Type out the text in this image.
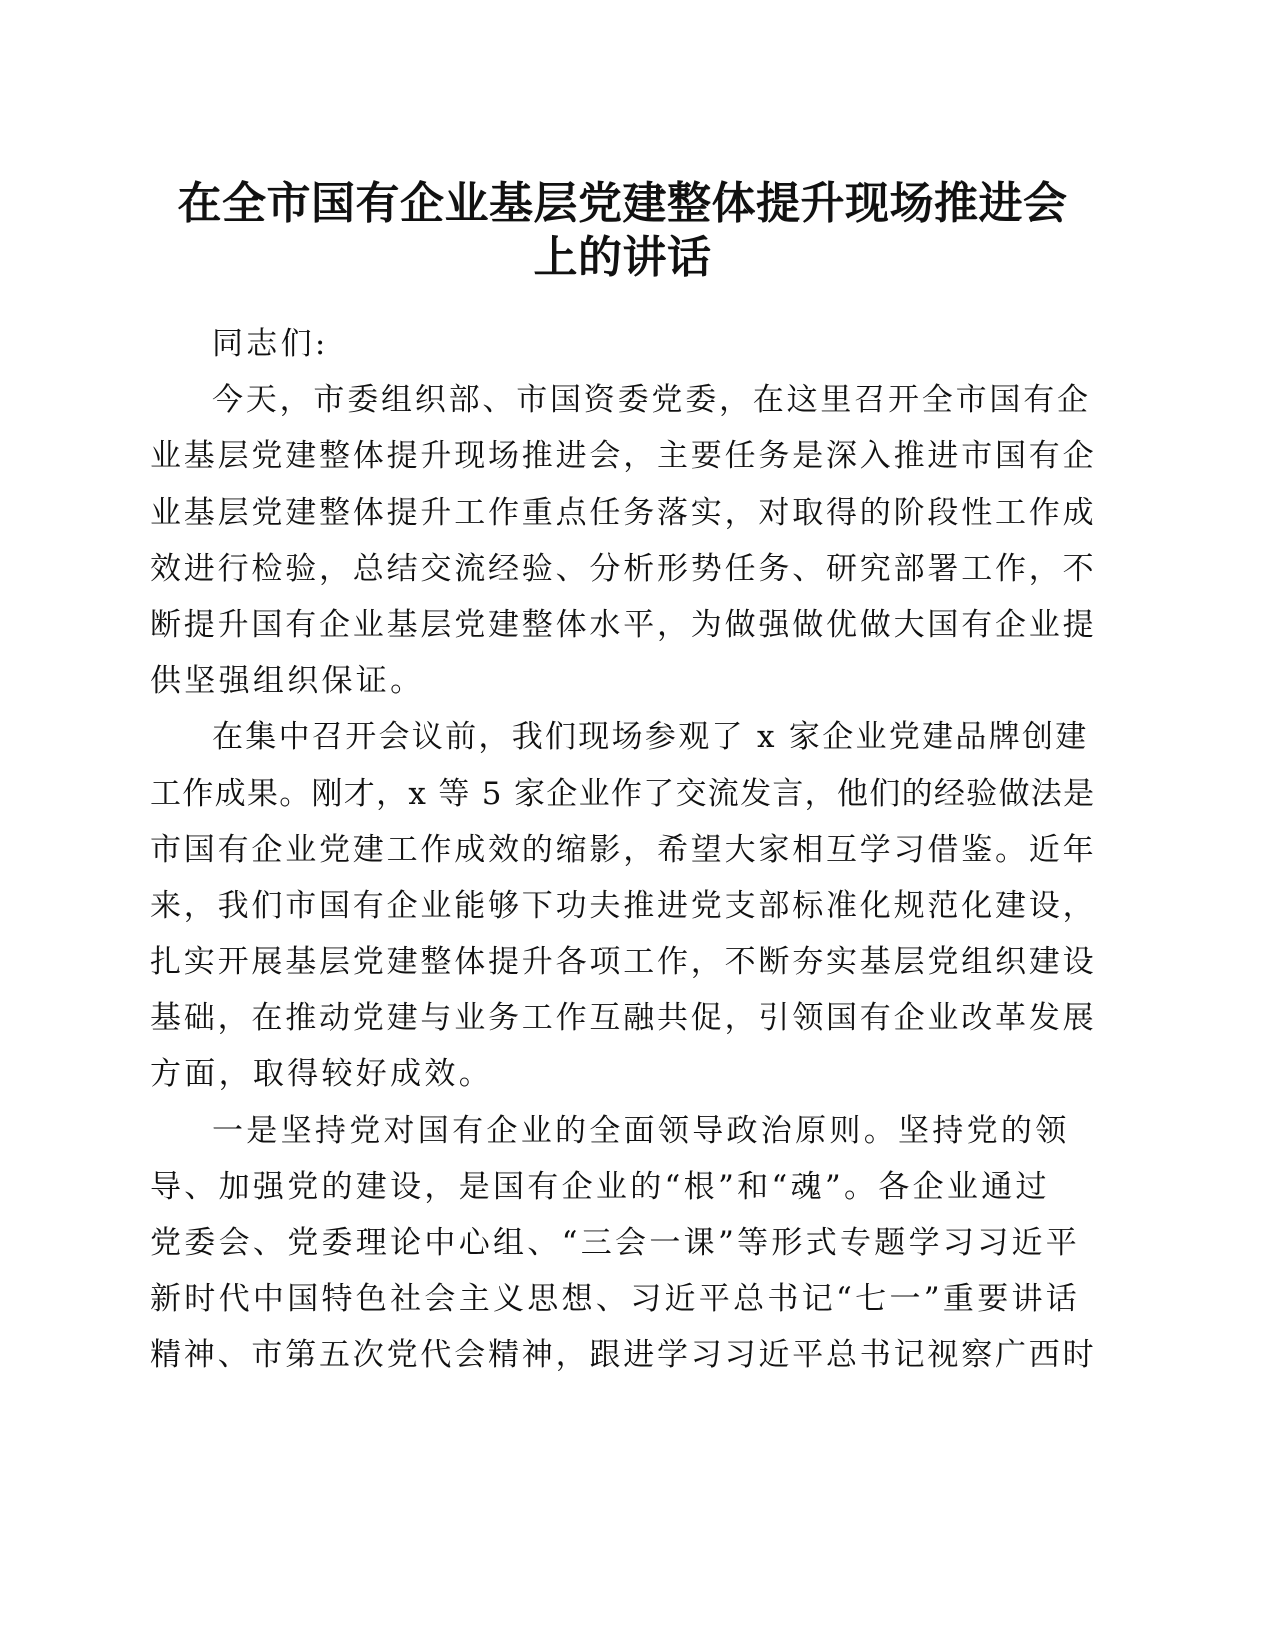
在全市国有企业基层党建整体提升现场推进会
上的讲话
同志们:
今天，市委组织部、市国资委党委，在这里召开全市国有企
业基层党建整体提升现场推进会，主要任务是深入推进市国有企
业基层党建整体提升工作重点任务落实，对取得的阶段性工作成
效进行检验，总结交流经验、分析形势任务、研究部署工作，不
断提升国有企业基层党建整体水平，为做强做优做大国有企业提
供坚强组织保证。
在集中召开会议前，我们现场参观了 x 家企业党建品牌创建
工作成果。刚才，x 等 5 家企业作了交流发言，他们的经验做法是
市国有企业党建工作成效的缩影，希望大家相互学习借鉴。近年
来，我们市国有企业能够下功夫推进党支部标准化规范化建设，
扎实开展基层党建整体提升各项工作，不断夯实基层党组织建设
基础，在推动党建与业务工作互融共促，引领国有企业改革发展
方面，取得较好成效。
一是坚持党对国有企业的全面领导政治原则。坚持党的领
导、加强党的建设，是国有企业的“根”和“魂”。各企业通过
党委会、党委理论中心组、“三会一课”等形式专题学习习近平
新时代中国特色社会主义思想、习近平总书记“七一”重要讲话
精神、市第五次党代会精神，跟进学习习近平总书记视察广西时
